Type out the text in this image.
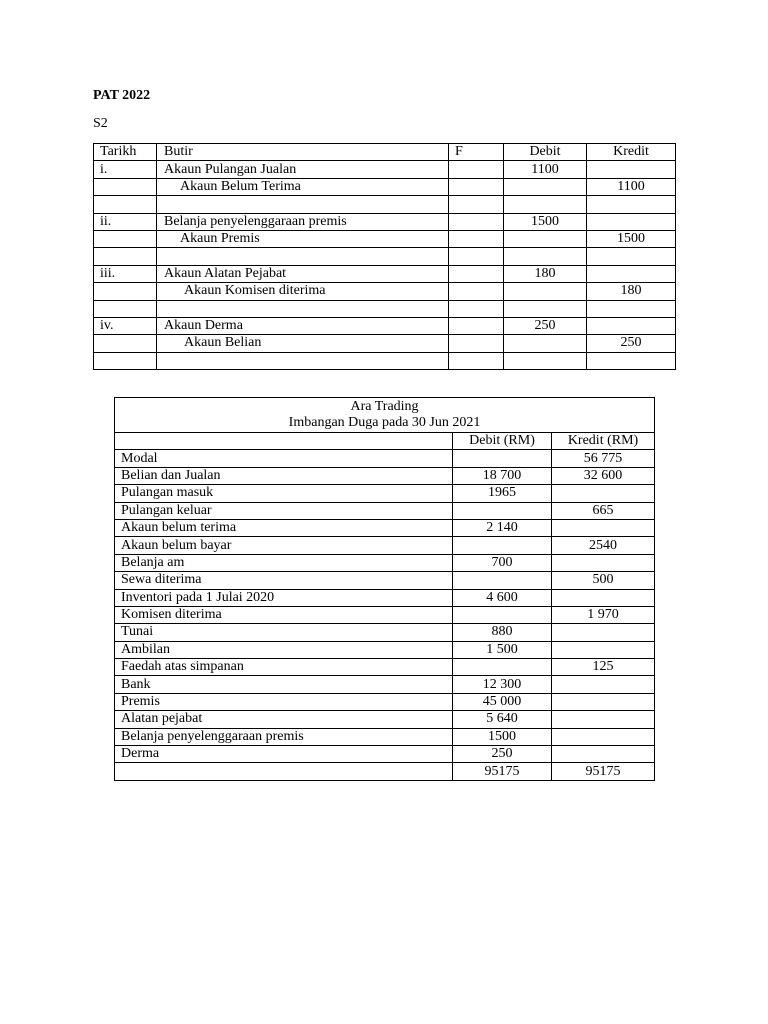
PAT 2022
S2
Tarikh	Butir	F	Debit	Kredit
i.	Akaun Pulangan Jualan		1100	
	Akaun Belum Terima			1100

ii.	Belanja penyelenggaraan premis		1500	
	Akaun Premis			1500

iii.	Akaun Alatan Pejabat		180	
	Akaun Komisen diterima			180

iv.	Akaun Derma		250	
	Akaun Belian			250

Ara Trading
Imbangan Duga pada 30 Jun 2021		

	Debit (RM)	Kredit (RM)
Modal		56 775
Belian dan Jualan	18 700	32 600
Pulangan masuk	1965	
Pulangan keluar		665
Akaun belum terima	2 140	
Akaun belum bayar		2540
Belanja am	700	
Sewa diterima		500
Inventori pada 1 Julai 2020	4 600	
Komisen diterima		1 970
Tunai	880	
Ambilan	1 500	
Faedah atas simpanan		125
Bank	12 300	
Premis	45 000	
Alatan pejabat	5 640	
Belanja penyelenggaraan premis	1500	
Derma	250	
	95175	95175
